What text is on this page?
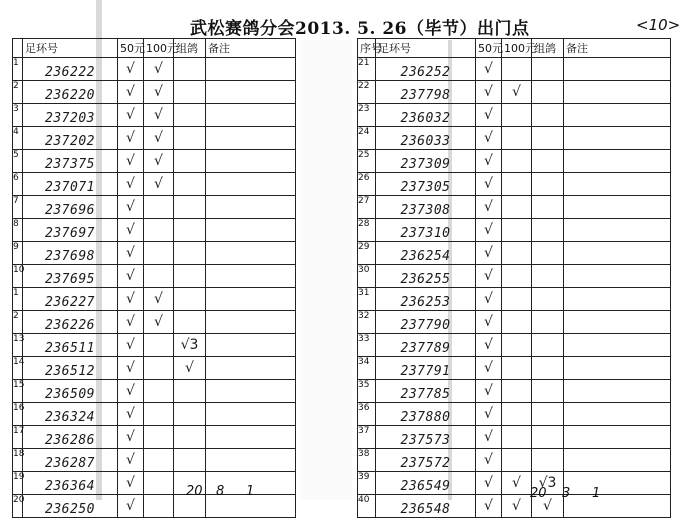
武松赛鸽分会2013. 5. 26（毕节）出门点	<10>
	足环号	50元	100元	组鸽	备注
1	236222	√	√		
2	236220	√	√		
3	237203	√	√		
4	237202	√	√		
5	237375	√	√		
6	237071	√	√		
7	237696	√			
8	237697	√			
9	237698	√			
10	237695	√			
1	236227	√	√		
2	236226	√	√		
13	236511	√		√3	
14	236512	√		√	
15	236509	√			
16	236324	√			
17	236286	√			
18	236287	√			
19	236364	√			
20	236250	√			
序号	足环号	50元	100元	组鸽	备注
21	236252	√			
22	237798	√	√		
23	236032	√			
24	236033	√			
25	237309	√			
26	237305	√			
27	237308	√			
28	237310	√			
29	236254	√			
30	236255	√			
31	236253	√			
32	237790	√			
33	237789	√			
34	237791	√			
35	237785	√			
36	237880	√			
37	237573	√			
38	237572	√			
39	236549	√	√	√3	
40	236548	√	√	√	
20 8 1	20 3 1
